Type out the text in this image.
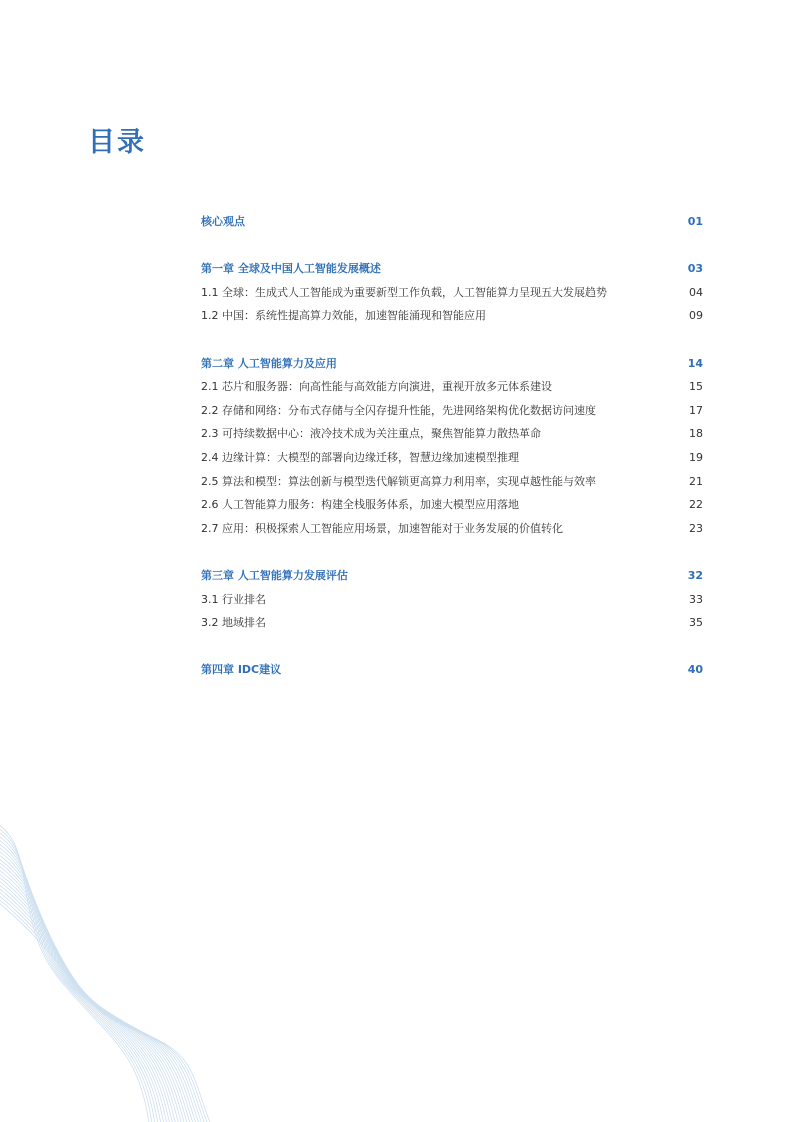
目录
核心观点	01
第一章 全球及中国人工智能发展概述	03
1.1 全球：生成式人工智能成为重要新型工作负载，人工智能算力呈现五大发展趋势	04
1.2 中国：系统性提高算力效能，加速智能涌现和智能应用	09
第二章 人工智能算力及应用	14
2.1 芯片和服务器：向高性能与高效能方向演进，重视开放多元体系建设	15
2.2 存储和网络：分布式存储与全闪存提升性能，先进网络架构优化数据访问速度	17
2.3 可持续数据中心：液冷技术成为关注重点，聚焦智能算力散热革命	18
2.4 边缘计算：大模型的部署向边缘迁移，智慧边缘加速模型推理	19
2.5 算法和模型：算法创新与模型迭代解锁更高算力利用率，实现卓越性能与效率	21
2.6 人工智能算力服务：构建全栈服务体系，加速大模型应用落地	22
2.7 应用：积极探索人工智能应用场景，加速智能对于业务发展的价值转化	23
第三章 人工智能算力发展评估	32
3.1 行业排名	33
3.2 地域排名	35
第四章 IDC建议	40
